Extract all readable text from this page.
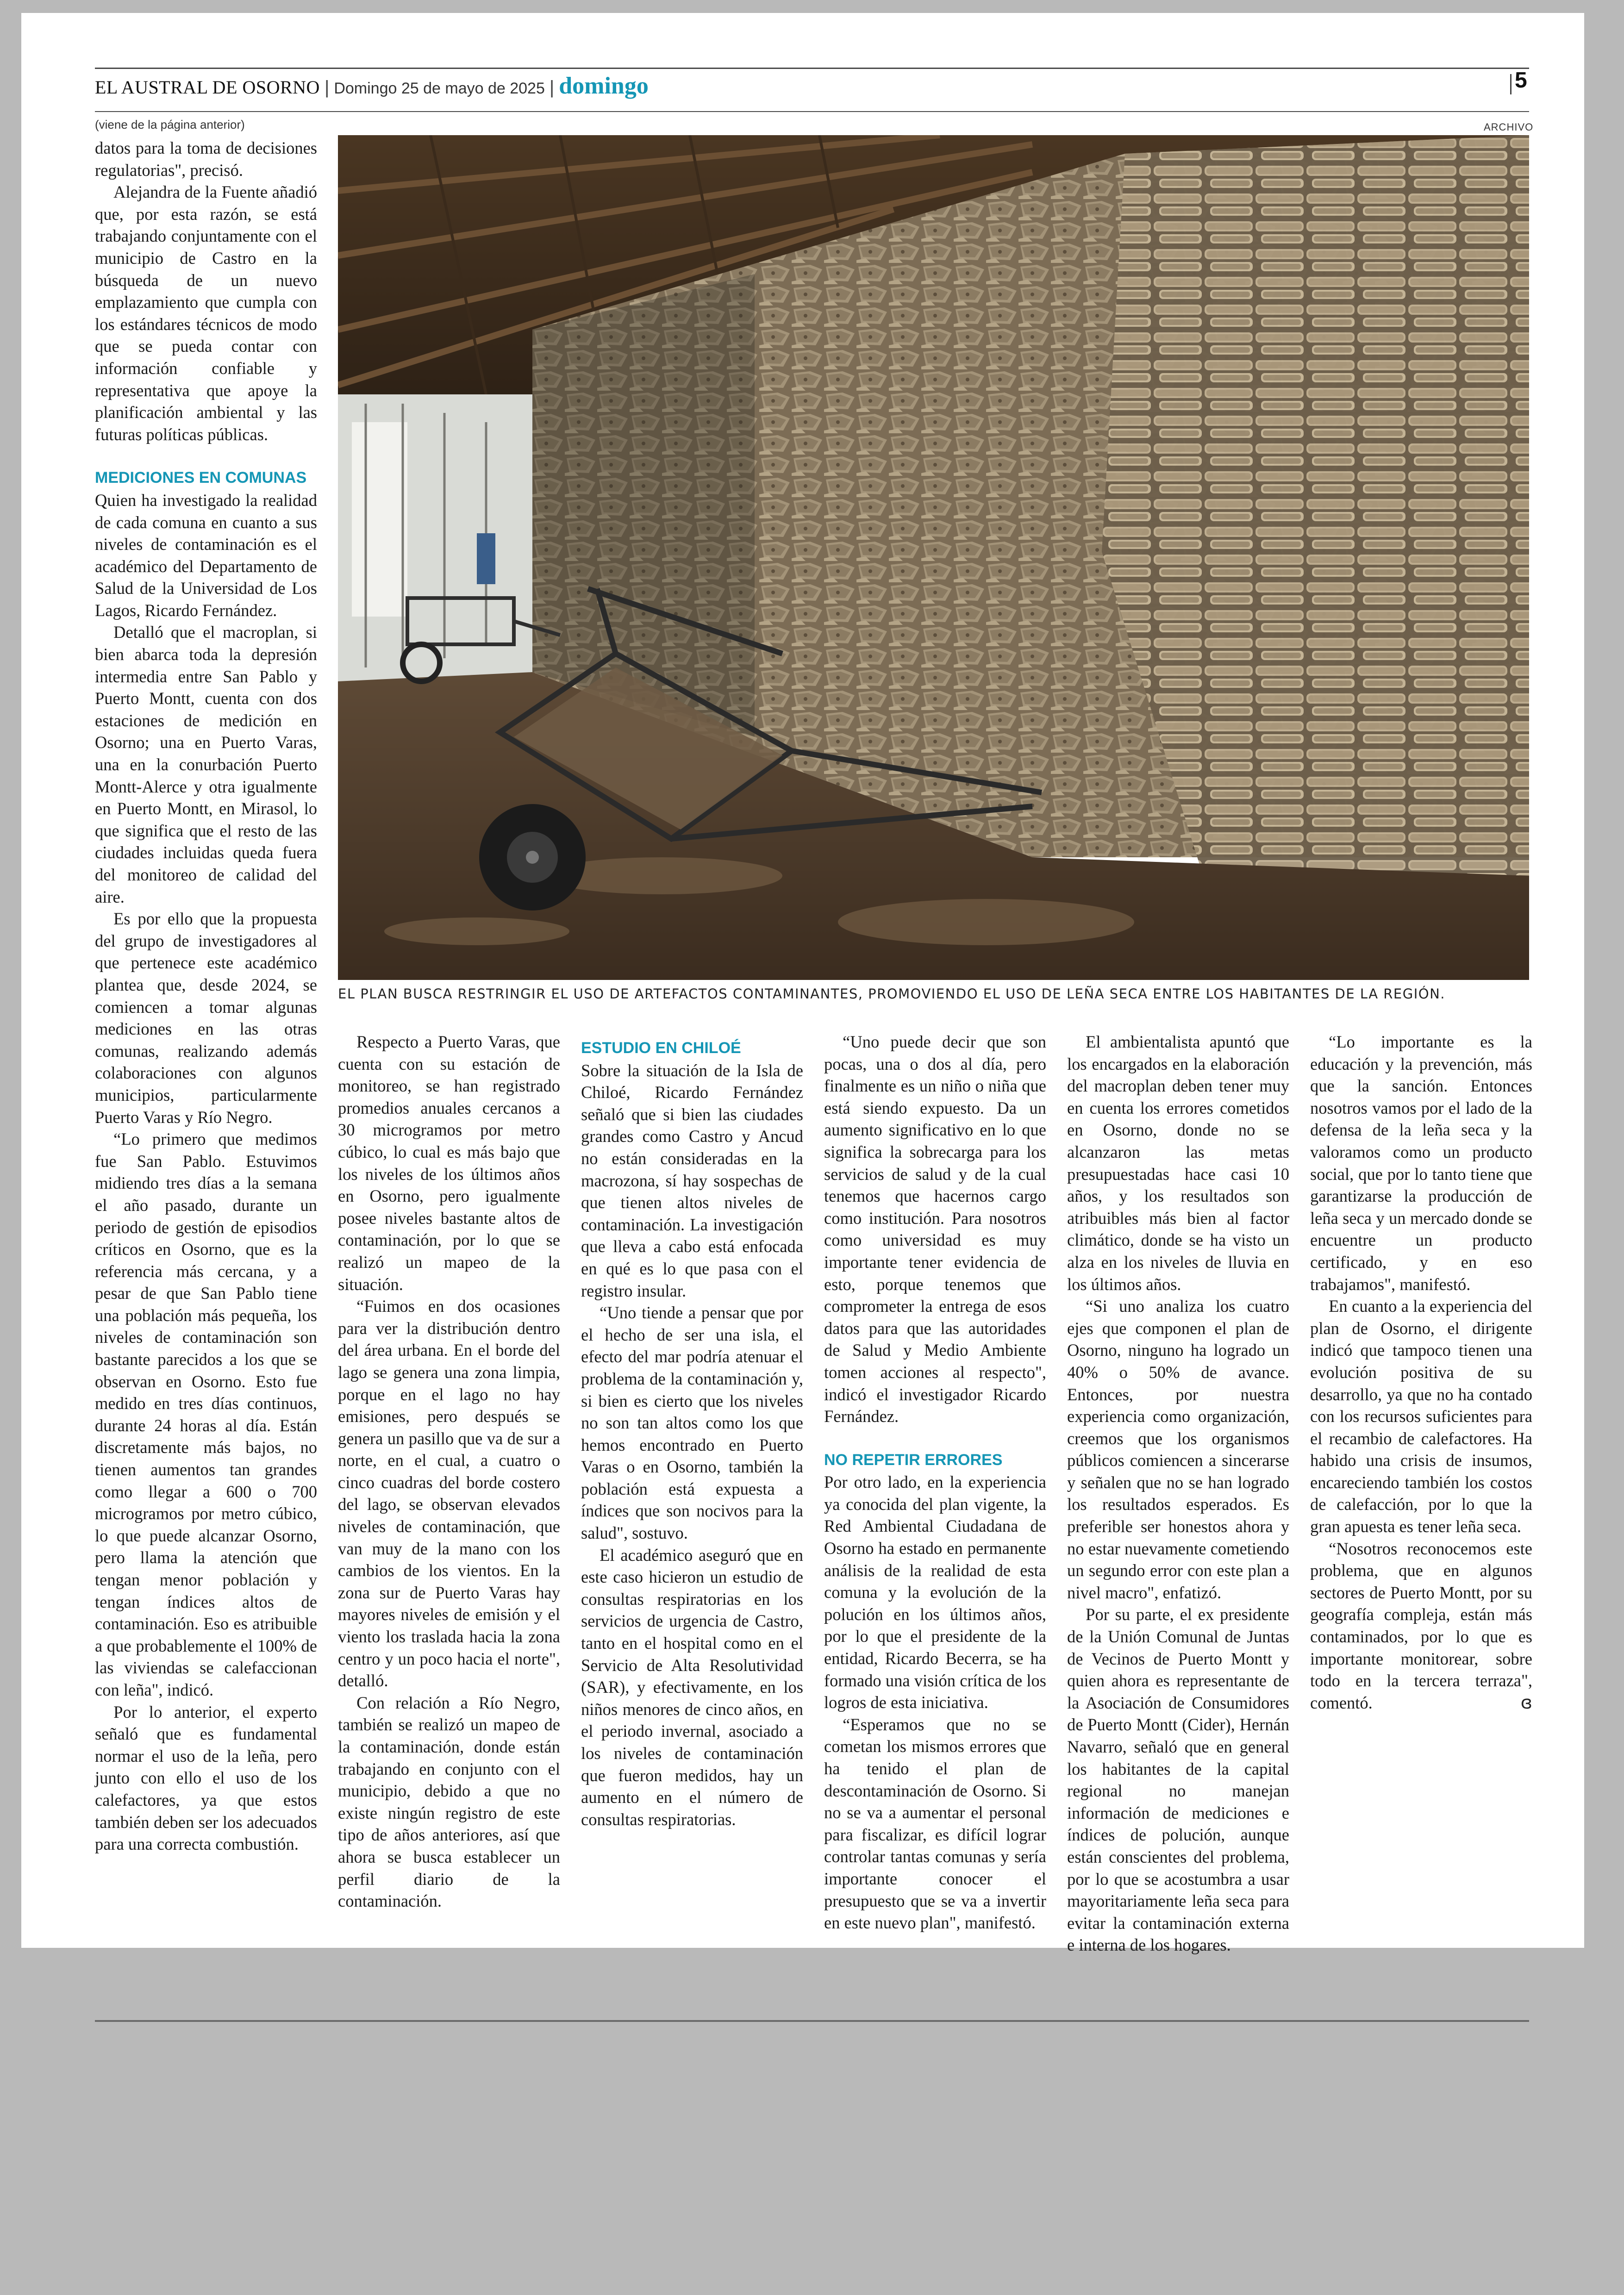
EL AUSTRAL DE OSORNO | Domingo 25 de mayo de 2025 | domingo	5
(viene de la página anterior)	ARCHIVO
EL PLAN BUSCA RESTRINGIR EL USO DE ARTEFACTOS CONTAMINANTES, PROMOVIENDO EL USO DE LEÑA SECA ENTRE LOS HABITANTES DE LA REGIÓN.

datos para la toma de decisiones regulatorias", precisó.

Alejandra de la Fuente añadió que, por esta razón, se está trabajando conjuntamente con el municipio de Castro en la búsqueda de un nuevo emplazamiento que cumpla con los estándares técnicos de modo que se pueda contar con información confiable y representativa que apoye la planificación ambiental y las futuras políticas públicas.

MEDICIONES EN COMUNAS

Quien ha investigado la realidad de cada comuna en cuanto a sus niveles de contaminación es el académico del Departamento de Salud de la Universidad de Los Lagos, Ricardo Fernández.

Detalló que el macroplan, si bien abarca toda la depresión intermedia entre San Pablo y Puerto Montt, cuenta con dos estaciones de medición en Osorno; una en Puerto Varas, una en la conurbación Puerto Montt-Alerce y otra igualmente en Puerto Montt, en Mirasol, lo que significa que el resto de las ciudades incluidas queda fuera del monitoreo de calidad del aire.

Es por ello que la propuesta del grupo de investigadores al que pertenece este académico plantea que, desde 2024, se comiencen a tomar algunas mediciones en las otras comunas, realizando además colaboraciones con algunos municipios, particularmente Puerto Varas y Río Negro.

“Lo primero que medimos fue San Pablo. Estuvimos midiendo tres días a la semana el año pasado, durante un periodo de gestión de episodios críticos en Osorno, que es la referencia más cercana, y a pesar de que San Pablo tiene una población más pequeña, los niveles de contaminación son bastante parecidos a los que se observan en Osorno. Esto fue medido en tres días continuos, durante 24 horas al día. Están discretamente más bajos, no tienen aumentos tan grandes como llegar a 600 o 700 microgramos por metro cúbico, lo que puede alcanzar Osorno, pero llama la atención que tengan menor población y tengan índices altos de contaminación. Eso es atribuible a que probablemente el 100% de las viviendas se calefaccionan con leña", indicó.

Por lo anterior, el experto señaló que es fundamental normar el uso de la leña, pero junto con ello el uso de los calefactores, ya que estos también deben ser los adecuados para una correcta combustión.

Respecto a Puerto Varas, que cuenta con su estación de monitoreo, se han registrado promedios anuales cercanos a 30 microgramos por metro cúbico, lo cual es más bajo que los niveles de los últimos años en Osorno, pero igualmente posee niveles bastante altos de contaminación, por lo que se realizó un mapeo de la situación.

“Fuimos en dos ocasiones para ver la distribución dentro del área urbana. En el borde del lago se genera una zona limpia, porque en el lago no hay emisiones, pero después se genera un pasillo que va de sur a norte, en el cual, a cuatro o cinco cuadras del borde costero del lago, se observan elevados niveles de contaminación, que van muy de la mano con los cambios de los vientos. En la zona sur de Puerto Varas hay mayores niveles de emisión y el viento los traslada hacia la zona centro y un poco hacia el norte", detalló.

Con relación a Río Negro, también se realizó un mapeo de la contaminación, donde están trabajando en conjunto con el municipio, debido a que no existe ningún registro de este tipo de años anteriores, así que ahora se busca establecer un perfil diario de la contaminación.

ESTUDIO EN CHILOÉ

Sobre la situación de la Isla de Chiloé, Ricardo Fernández señaló que si bien las ciudades grandes como Castro y Ancud no están consideradas en la macrozona, sí hay sospechas de que tienen altos niveles de contaminación. La investigación que lleva a cabo está enfocada en qué es lo que pasa con el registro insular.

“Uno tiende a pensar que por el hecho de ser una isla, el efecto del mar podría atenuar el problema de la contaminación y, si bien es cierto que los niveles no son tan altos como los que hemos encontrado en Puerto Varas o en Osorno, también la población está expuesta a índices que son nocivos para la salud", sostuvo.

El académico aseguró que en este caso hicieron un estudio de consultas respiratorias en los servicios de urgencia de Castro, tanto en el hospital como en el Servicio de Alta Resolutividad (SAR), y efectivamente, en los niños menores de cinco años, en el periodo invernal, asociado a los niveles de contaminación que fueron medidos, hay un aumento en el número de consultas respiratorias.

“Uno puede decir que son pocas, una o dos al día, pero finalmente es un niño o niña que está siendo expuesto. Da un aumento significativo en lo que significa la sobrecarga para los servicios de salud y de la cual tenemos que hacernos cargo como institución. Para nosotros como universidad es muy importante tener evidencia de esto, porque tenemos que comprometer la entrega de esos datos para que las autoridades de Salud y Medio Ambiente tomen acciones al respecto", indicó el investigador Ricardo Fernández.

NO REPETIR ERRORES

Por otro lado, en la experiencia ya conocida del plan vigente, la Red Ambiental Ciudadana de Osorno ha estado en permanente análisis de la realidad de esta comuna y la evolución de la polución en los últimos años, por lo que el presidente de la entidad, Ricardo Becerra, se ha formado una visión crítica de los logros de esta iniciativa.

“Esperamos que no se cometan los mismos errores que ha tenido el plan de descontaminación de Osorno. Si no se va a aumentar el personal para fiscalizar, es difícil lograr controlar tantas comunas y sería importante conocer el presupuesto que se va a invertir en este nuevo plan", manifestó.

El ambientalista apuntó que los encargados en la elaboración del macroplan deben tener muy en cuenta los errores cometidos en Osorno, donde no se alcanzaron las metas presupuestadas hace casi 10 años, y los resultados son atribuibles más bien al factor climático, donde se ha visto un alza en los niveles de lluvia en los últimos años.

“Si uno analiza los cuatro ejes que componen el plan de Osorno, ninguno ha logrado un 40% o 50% de avance. Entonces, por nuestra experiencia como organización, creemos que los organismos públicos comiencen a sincerarse y señalen que no se han logrado los resultados esperados. Es preferible ser honestos ahora y no estar nuevamente cometiendo un segundo error con este plan a nivel macro", enfatizó.

Por su parte, el ex presidente de la Unión Comunal de Juntas de Vecinos de Puerto Montt y quien ahora es representante de la Asociación de Consumidores de Puerto Montt (Cider), Hernán Navarro, señaló que en general los habitantes de la capital regional no manejan información de mediciones e índices de polución, aunque están conscientes del problema, por lo que se acostumbra a usar mayoritariamente leña seca para evitar la contaminación externa e interna de los hogares.

“Lo importante es la educación y la prevención, más que la sanción. Entonces nosotros vamos por el lado de la defensa de la leña seca y la valoramos como un producto social, que por lo tanto tiene que garantizarse la producción de leña seca y un mercado donde se encuentre un producto certificado, y en eso trabajamos", manifestó.

En cuanto a la experiencia del plan de Osorno, el dirigente indicó que tampoco tienen una evolución positiva de su desarrollo, ya que no ha contado con los recursos suficientes para el recambio de calefactores. Ha habido una crisis de insumos, encareciendo también los costos de calefacción, por lo que la gran apuesta es tener leña seca.

“Nosotros reconocemos este problema, que en algunos sectores de Puerto Montt, por su geografía compleja, están más contaminados, por lo que es importante monitorear, sobre todo en la tercera terraza", comentó.	ɞ
